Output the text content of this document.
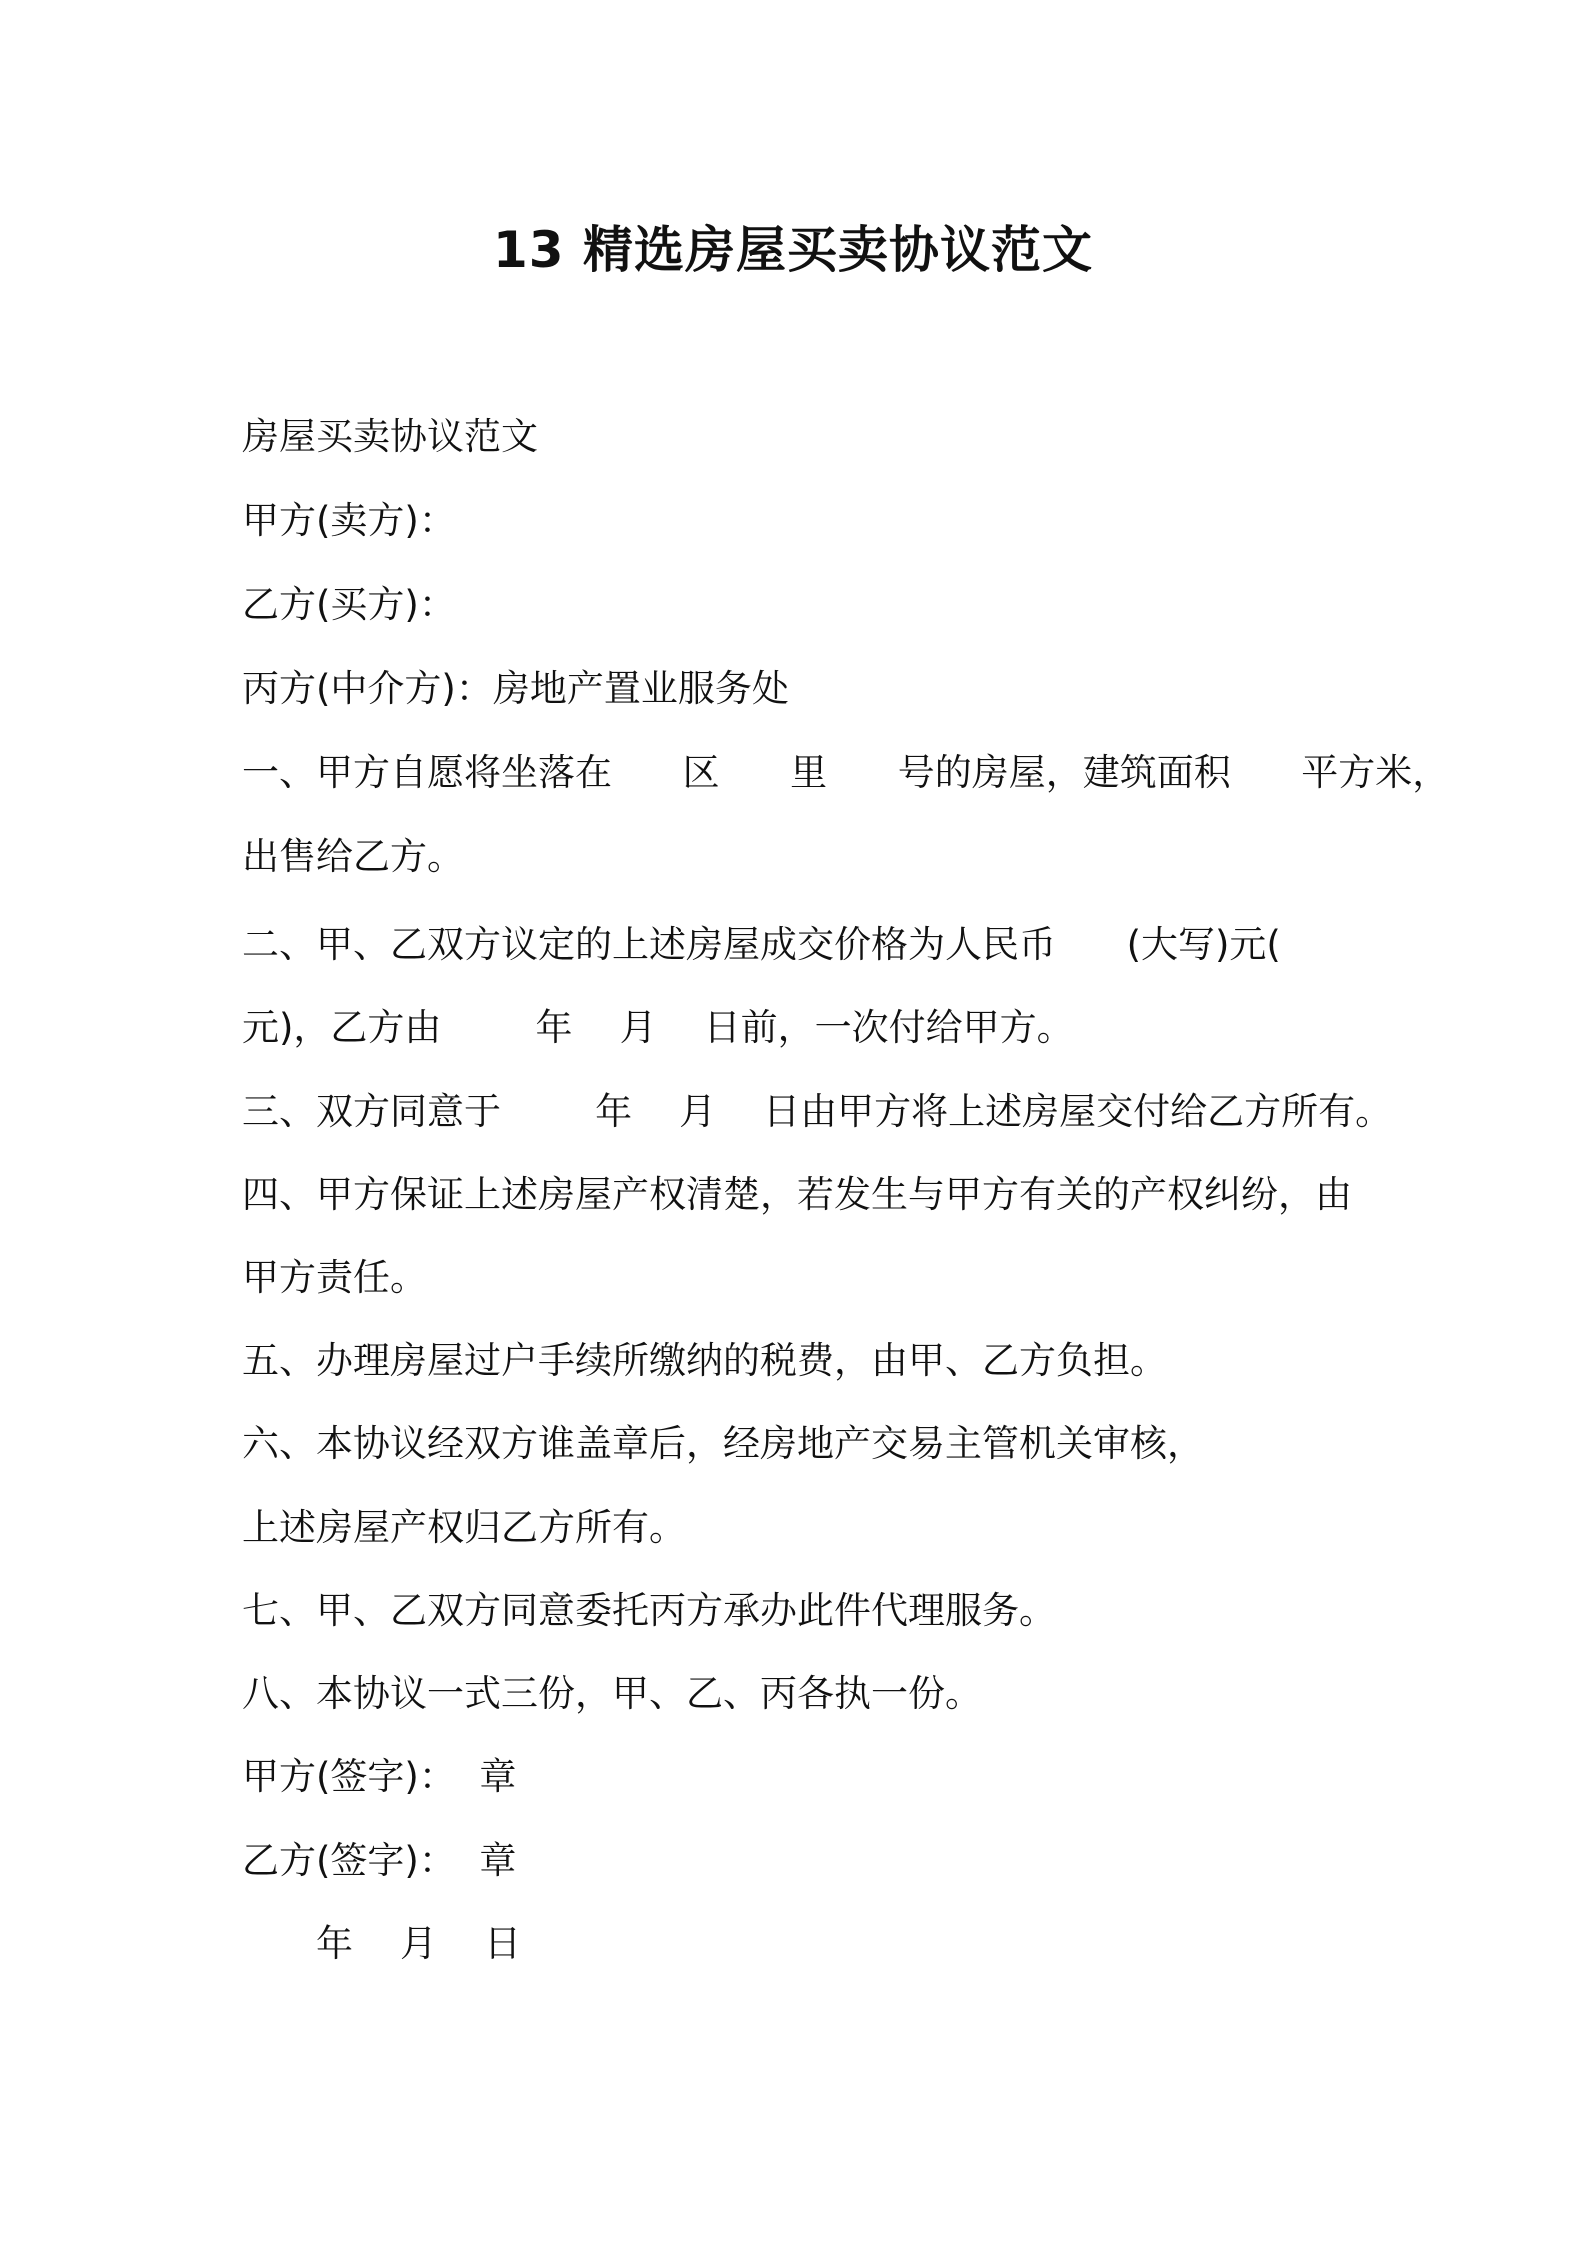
13 精选房屋买卖协议范文
房屋买卖协议范文
甲方(卖方)：
乙方(买方)：
丙方(中介方)：房地产置业服务处
一、甲方自愿将坐落在      区      里      号的房屋，建筑面积      平方米，
出售给乙方。
二、甲、乙双方议定的上述房屋成交价格为人民币      (大写)元(
元)，乙方由        年    月    日前，一次付给甲方。
三、双方同意于        年    月    日由甲方将上述房屋交付给乙方所有。
四、甲方保证上述房屋产权清楚，若发生与甲方有关的产权纠纷，由
甲方责任。
五、办理房屋过户手续所缴纳的税费，由甲、乙方负担。
六、本协议经双方谁盖章后，经房地产交易主管机关审核，
上述房屋产权归乙方所有。
七、甲、乙双方同意委托丙方承办此件代理服务。
八、本协议一式三份，甲、乙、丙各执一份。
甲方(签字)：  章
乙方(签字)：  章
年    月    日
